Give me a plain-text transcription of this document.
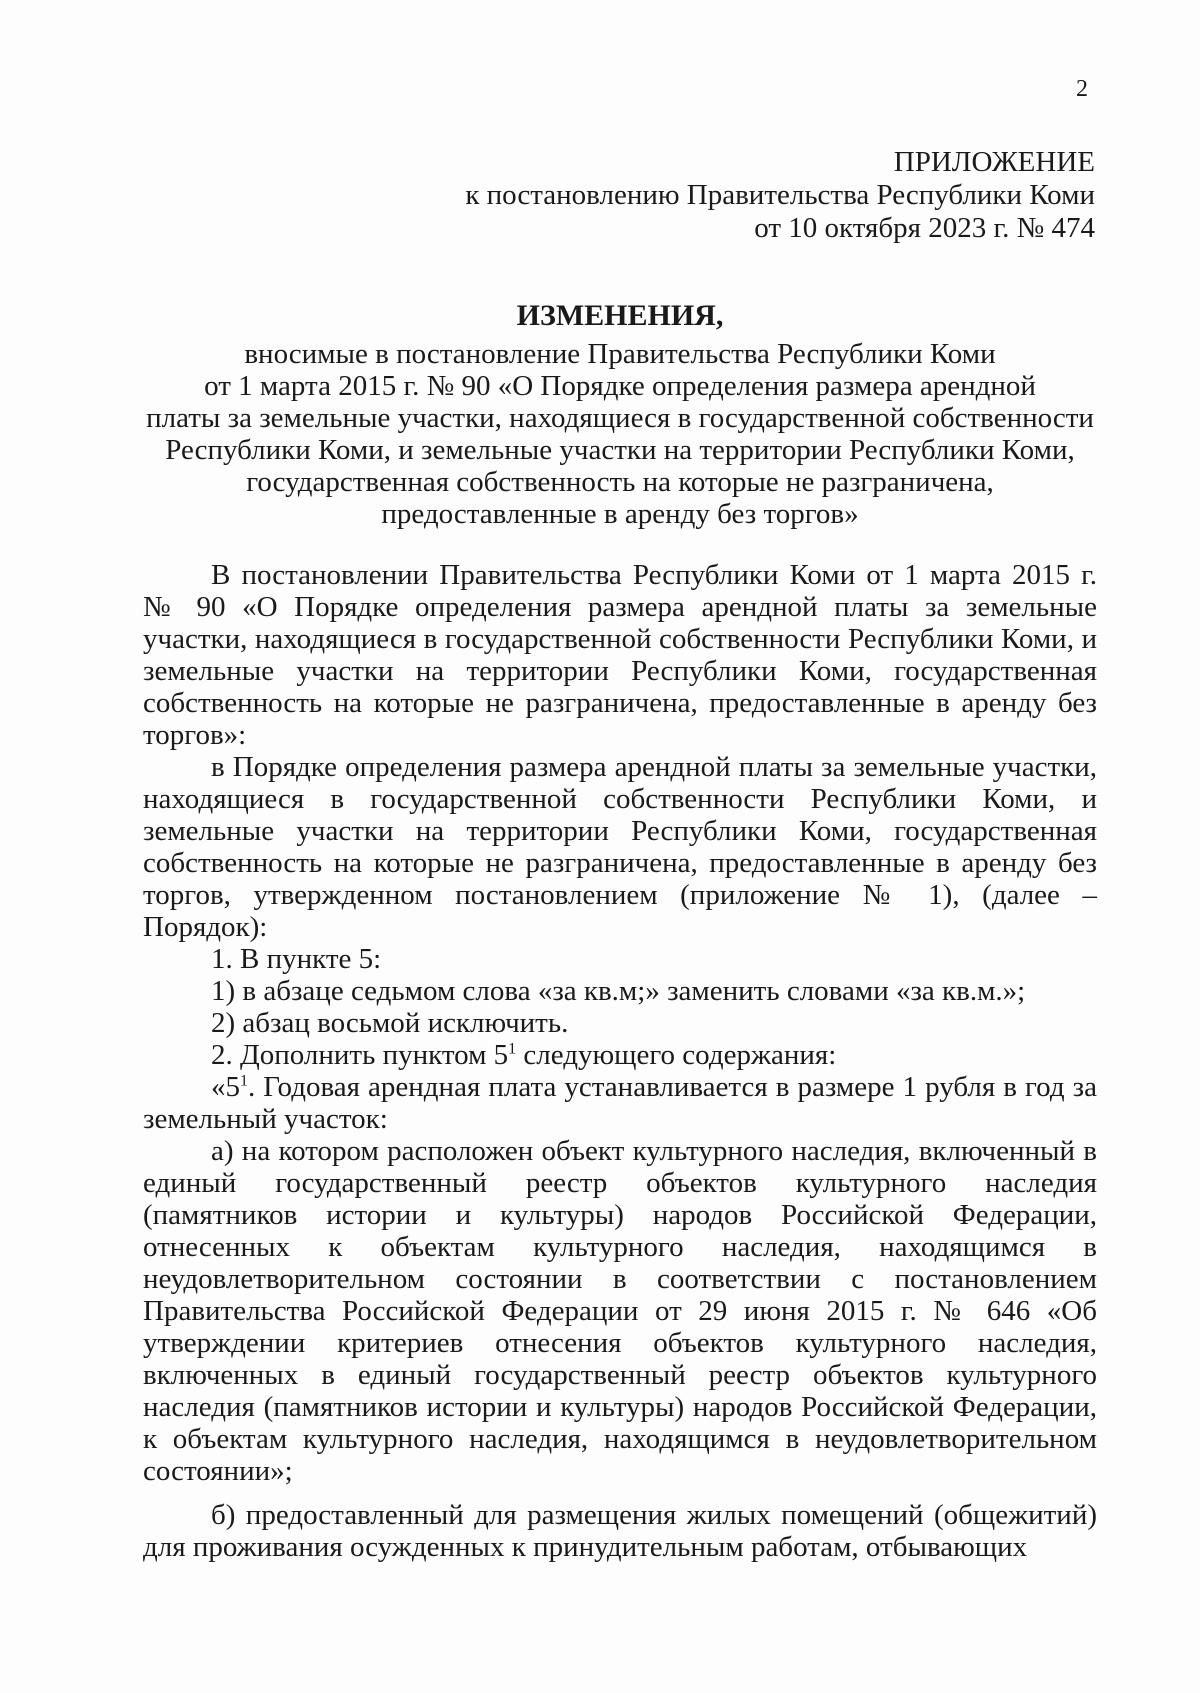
2
ПРИЛОЖЕНИЕ
к постановлению Правительства Республики Коми
от 10 октября 2023 г. № 474
ИЗМЕНЕНИЯ,
вносимые в постановление Правительства Республики Коми
от 1 марта 2015 г. № 90 «О Порядке определения размера арендной
платы за земельные участки, находящиеся в государственной собственности
Республики Коми, и земельные участки на территории Республики Коми,
государственная собственность на которые не разграничена,
предоставленные в аренду без торгов»

В постановлении Правительства Республики Коми от 1 марта 2015 г. № 90 «О Порядке определения размера арендной платы за земельные участки, находящиеся в государственной собственности Республики Коми, и земельные участки на территории Республики Коми, государственная собственность на которые не разграничена, предоставленные в аренду без торгов»:

в Порядке определения размера арендной платы за земельные участки, находящиеся в государственной собственности Республики Коми, и земельные участки на территории Республики Коми, государственная собственность на которые не разграничена, предоставленные в аренду без торгов, утвержденном постановлением (приложение № 1), (далее – Порядок):

1. В пункте 5:

1) в абзаце седьмом слова «за кв.м;» заменить словами «за кв.м.»;

2) абзац восьмой исключить.

2. Дополнить пунктом $5^1$ следующего содержания:

«$5^1$. Годовая арендная плата устанавливается в размере 1 рубля в год за земельный участок:

а) на котором расположен объект культурного наследия, включенный в единый государственный реестр объектов культурного наследия (памятников истории и культуры) народов Российской Федерации, отнесенных к объектам культурного наследия, находящимся в неудовлетворительном состоянии в соответствии с постановлением Правительства Российской Федерации от 29 июня 2015 г. № 646 «Об утверждении критериев отнесения объектов культурного наследия, включенных в единый государственный реестр объектов культурного наследия (памятников истории и культуры) народов Российской Федерации, к объектам культурного наследия, находящимся в неудовлетворительном состоянии»;

б) предоставленный для размещения жилых помещений (общежитий) для проживания осужденных к принудительным работам, отбывающих
